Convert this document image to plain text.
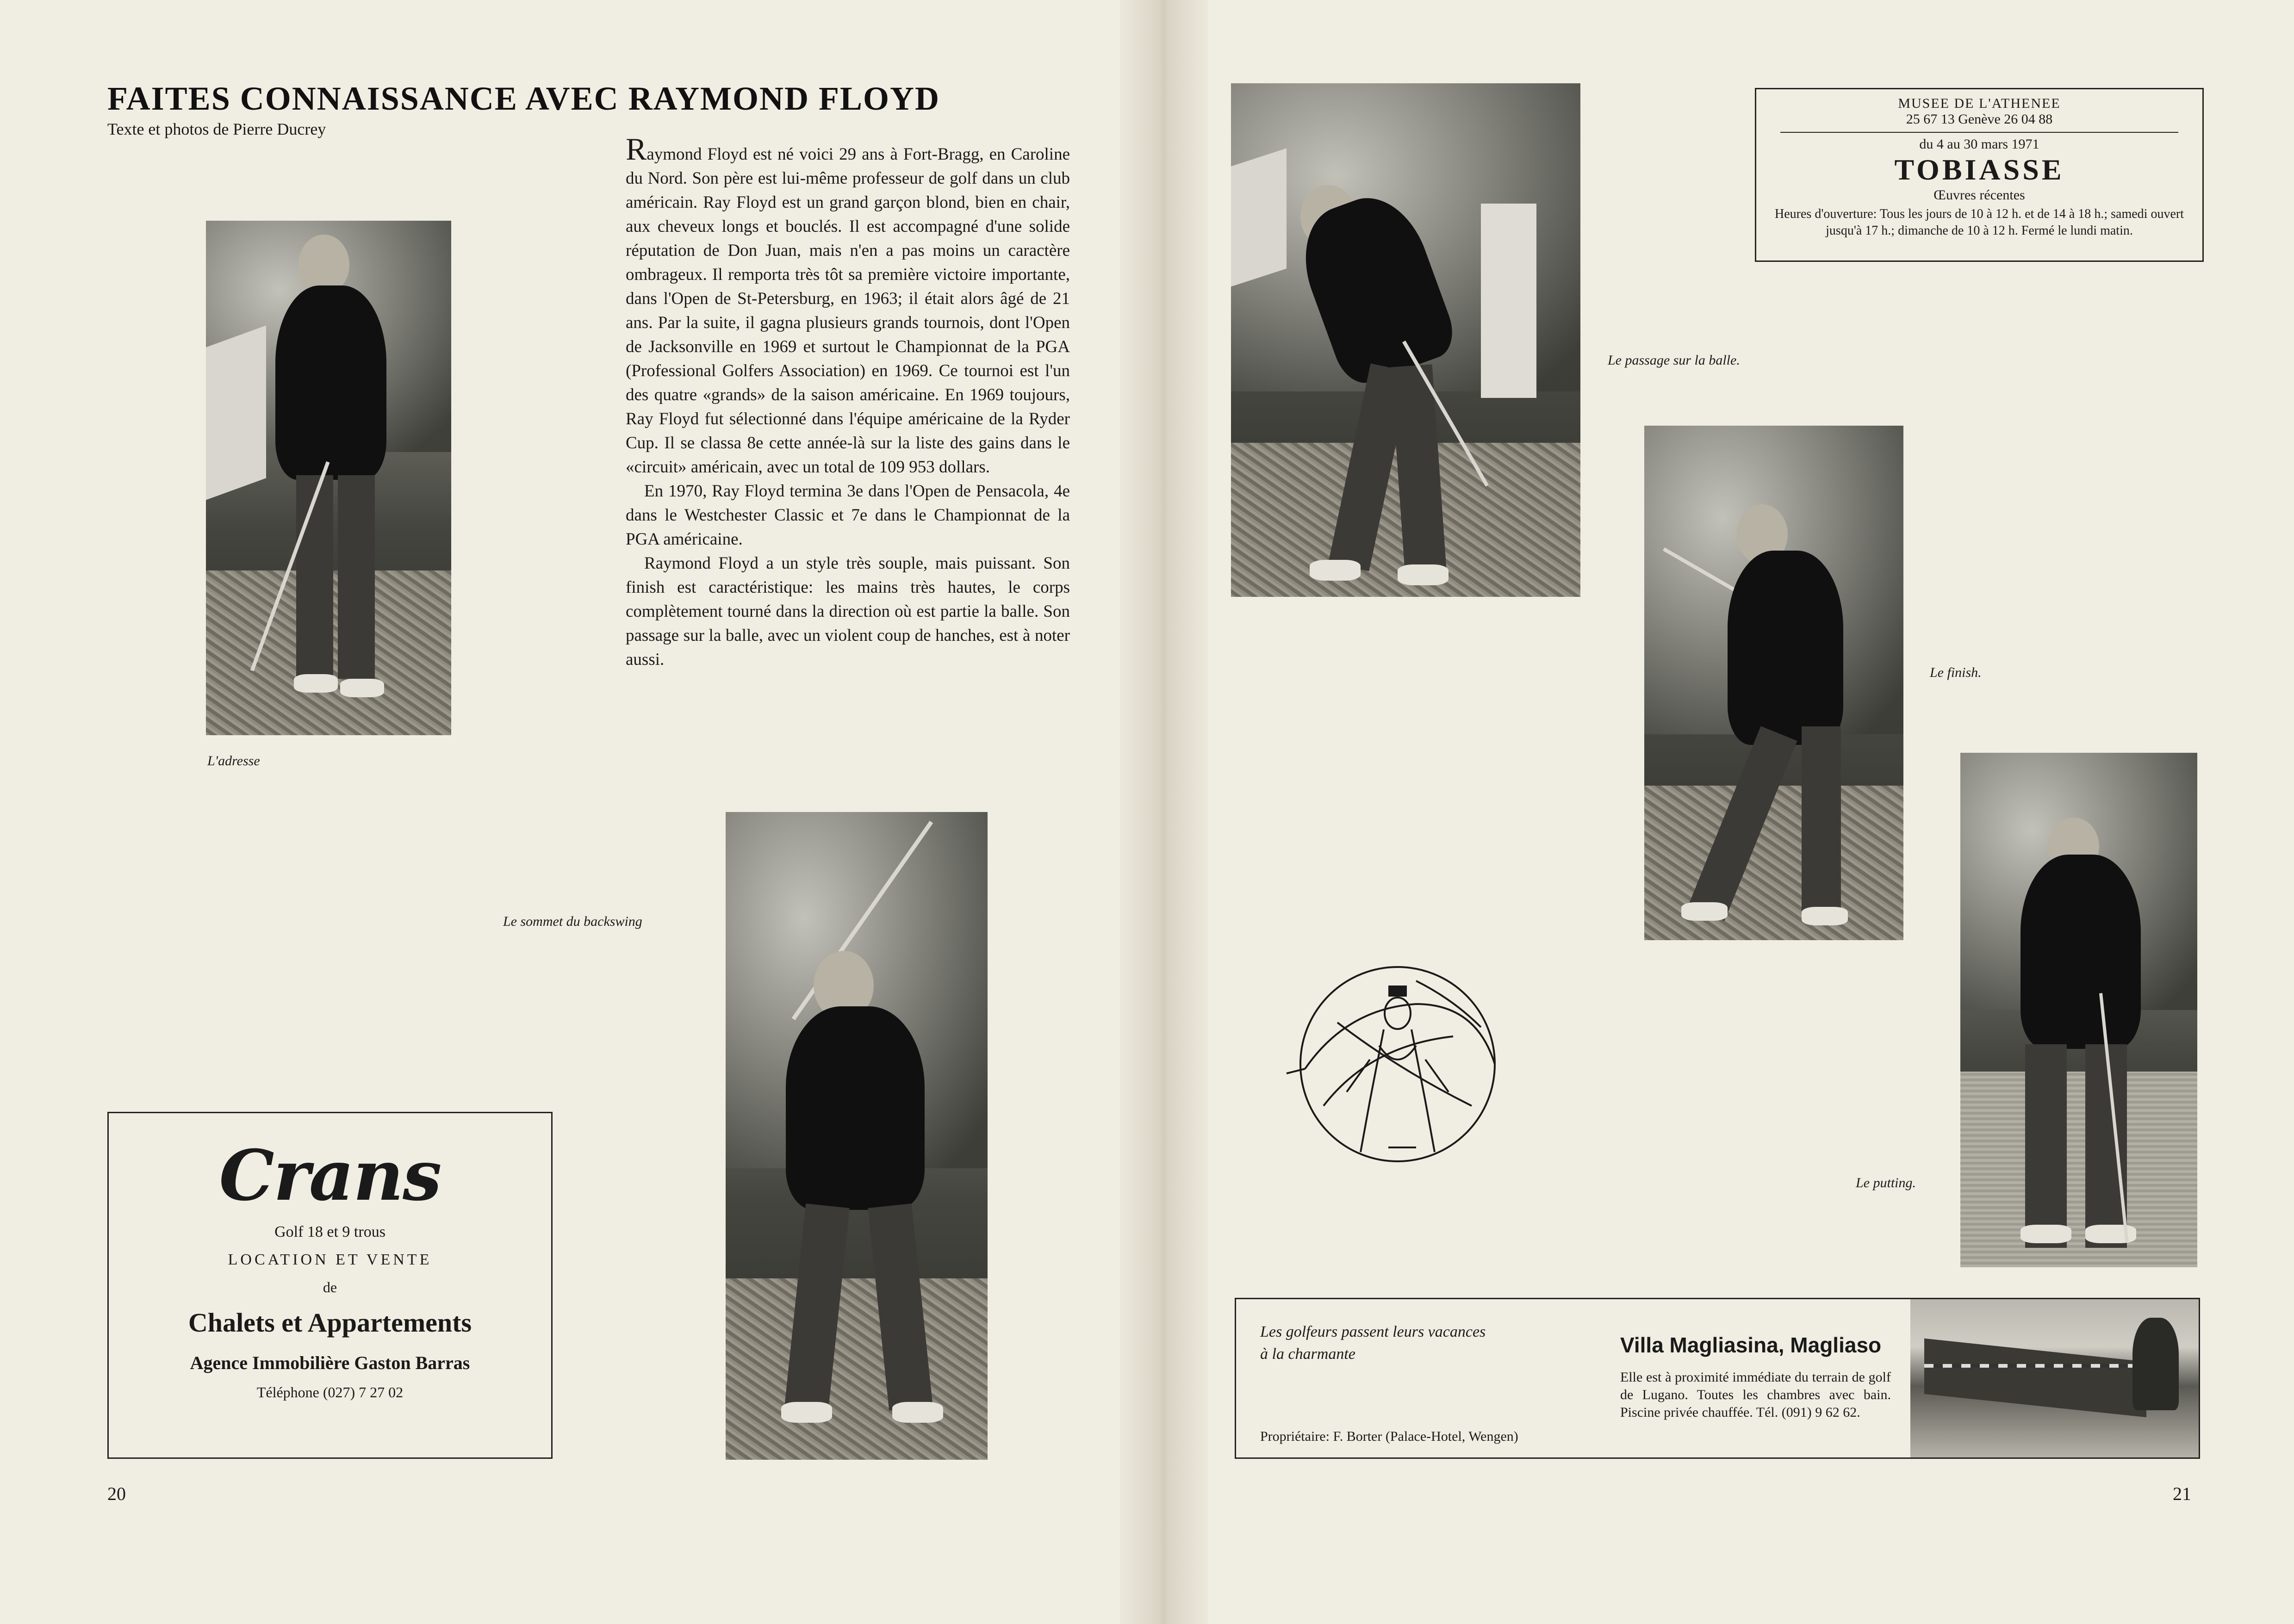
FAITES CONNAISSANCE AVEC RAYMOND FLOYD
Texte et photos de Pierre Ducrey
L'adresse

Raymond Floyd est né voici 29 ans à Fort-Bragg, en Caroline du Nord. Son père est lui-même professeur de golf dans un club américain. Ray Floyd est un grand garçon blond, bien en chair, aux cheveux longs et bouclés. Il est accompagné d'une solide réputation de Don Juan, mais n'en a pas moins un caractère ombrageux. Il remporta très tôt sa première victoire importante, dans l'Open de St-Petersburg, en 1963; il était alors âgé de 21 ans. Par la suite, il gagna plusieurs grands tournois, dont l'Open de Jacksonville en 1969 et surtout le Championnat de la PGA (Professional Golfers Association) en 1969. Ce tournoi est l'un des quatre «grands» de la saison américaine. En 1969 toujours, Ray Floyd fut sélectionné dans l'équipe américaine de la Ryder Cup. Il se classa 8e cette année-là sur la liste des gains dans le «circuit» américain, avec un total de 109 953 dollars.

En 1970, Ray Floyd termina 3e dans l'Open de Pensacola, 4e dans le Westchester Classic et 7e dans le Championnat de la PGA américaine.

Raymond Floyd a un style très souple, mais puissant. Son finish est caractéristique: les mains très hautes, le corps complètement tourné dans la direction où est partie la balle. Son passage sur la balle, avec un violent coup de hanches, est à noter aussi.

Le sommet du backswing
Crans
Golf 18 et 9 trous
LOCATION ET VENTE
de
Chalets et Appartements
Agence Immobilière Gaston Barras
Téléphone (027) 7 27 02
20
Le passage sur la balle.
MUSEE DE L'ATHENEE
25 67 13 Genève 26 04 88
du 4 au 30 mars 1971
TOBIASSE
Œuvres récentes
Heures d'ouverture: Tous les jours de 10 à 12 h. et de 14 à 18 h.; samedi ouvert jusqu'à 17 h.; dimanche de 10 à 12 h. Fermé le lundi matin.
Le finish.
Le putting.
Les golfeurs passent leurs vacances
à la charmante
Propriétaire: F. Borter (Palace-Hotel, Wengen)
Villa Magliasina, Magliaso
Elle est à proximité immédiate du terrain de golf de Lugano. Toutes les chambres avec bain. Piscine privée chauffée. Tél. (091) 9 62 62.
21
